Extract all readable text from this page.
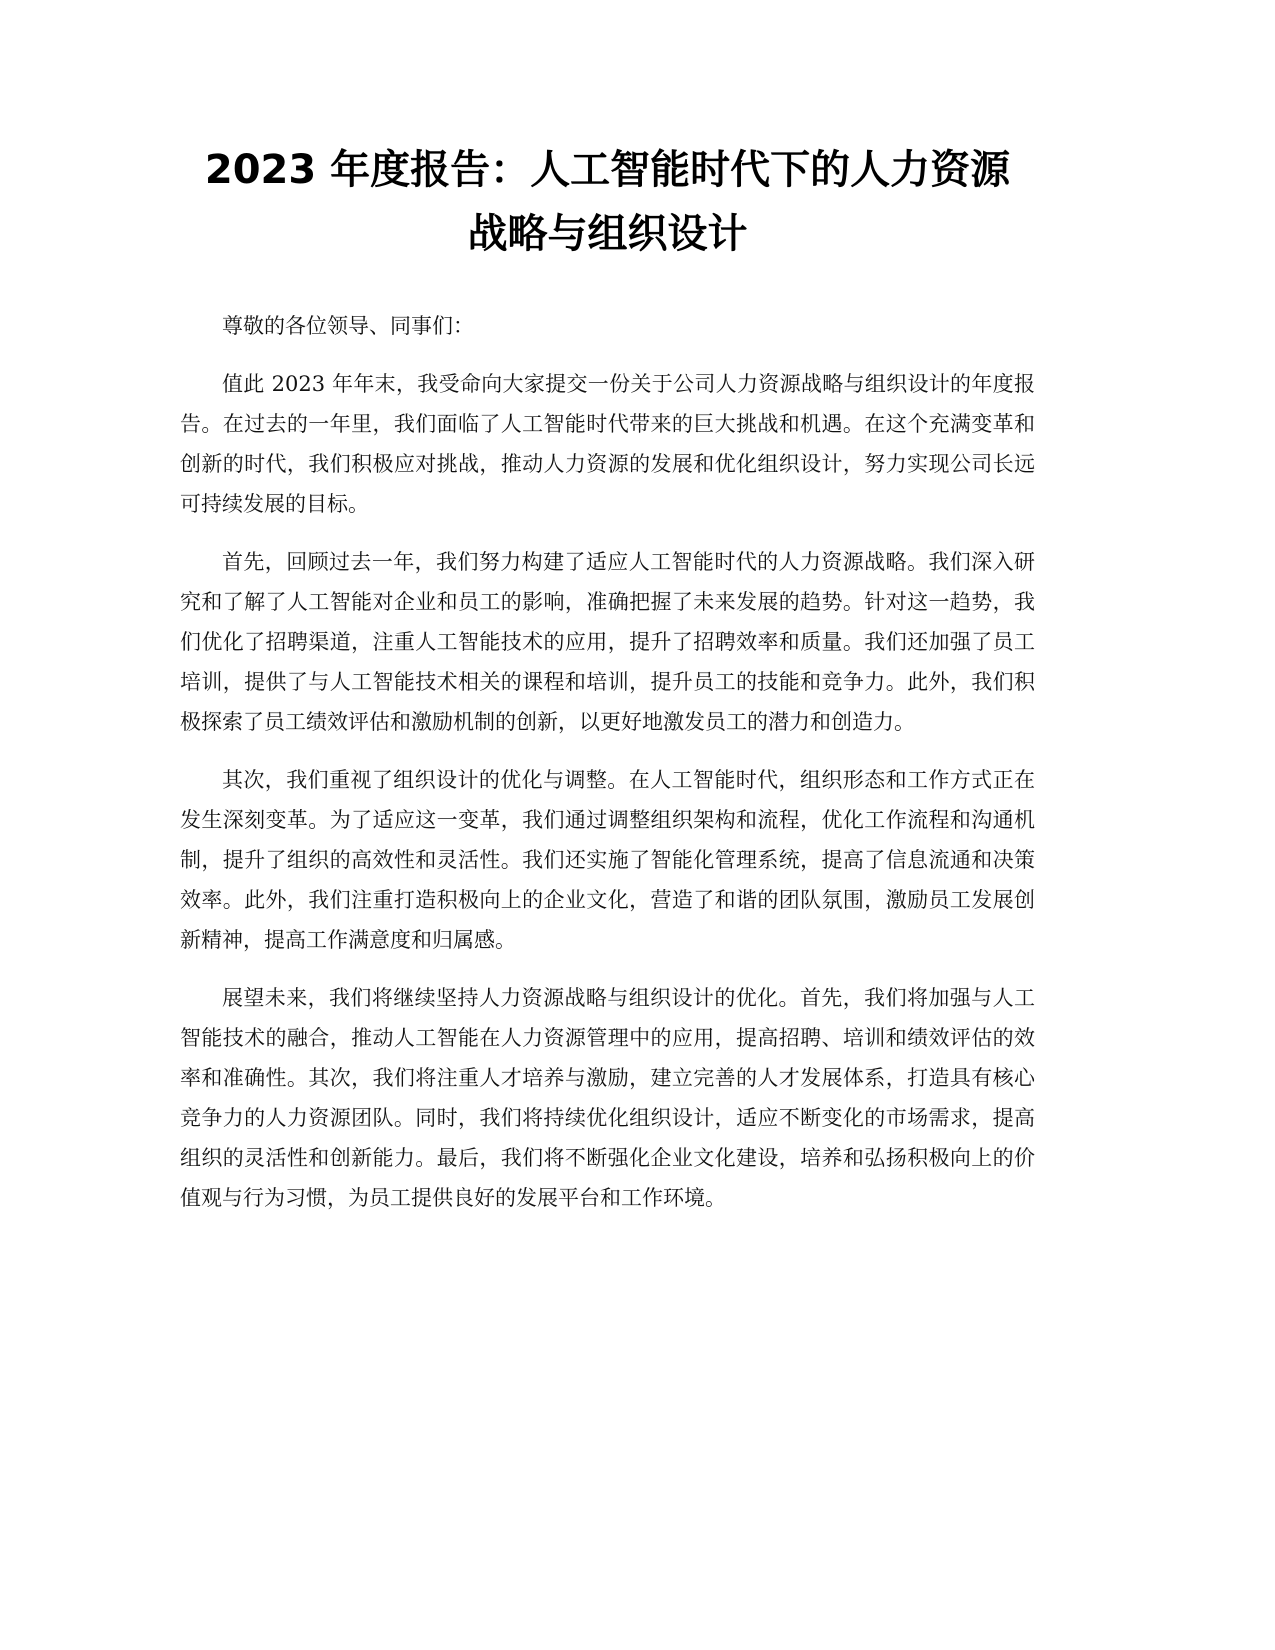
2023 年度报告：人工智能时代下的人力资源
战略与组织设计

尊敬的各位领导、同事们：

值此 2023 年年末，我受命向大家提交一份关于公司人力资源战略与组织设计的年度报告。在过去的一年里，我们面临了人工智能时代带来的巨大挑战和机遇。在这个充满变革和创新的时代，我们积极应对挑战，推动人力资源的发展和优化组织设计，努力实现公司长远可持续发展的目标。

首先，回顾过去一年，我们努力构建了适应人工智能时代的人力资源战略。我们深入研究和了解了人工智能对企业和员工的影响，准确把握了未来发展的趋势。针对这一趋势，我们优化了招聘渠道，注重人工智能技术的应用，提升了招聘效率和质量。我们还加强了员工培训，提供了与人工智能技术相关的课程和培训，提升员工的技能和竞争力。此外，我们积极探索了员工绩效评估和激励机制的创新，以更好地激发员工的潜力和创造力。

其次，我们重视了组织设计的优化与调整。在人工智能时代，组织形态和工作方式正在发生深刻变革。为了适应这一变革，我们通过调整组织架构和流程，优化工作流程和沟通机制，提升了组织的高效性和灵活性。我们还实施了智能化管理系统，提高了信息流通和决策效率。此外，我们注重打造积极向上的企业文化，营造了和谐的团队氛围，激励员工发展创新精神，提高工作满意度和归属感。

展望未来，我们将继续坚持人力资源战略与组织设计的优化。首先，我们将加强与人工智能技术的融合，推动人工智能在人力资源管理中的应用，提高招聘、培训和绩效评估的效率和准确性。其次，我们将注重人才培养与激励，建立完善的人才发展体系，打造具有核心竞争力的人力资源团队。同时，我们将持续优化组织设计，适应不断变化的市场需求，提高组织的灵活性和创新能力。最后，我们将不断强化企业文化建设，培养和弘扬积极向上的价值观与行为习惯，为员工提供良好的发展平台和工作环境。
